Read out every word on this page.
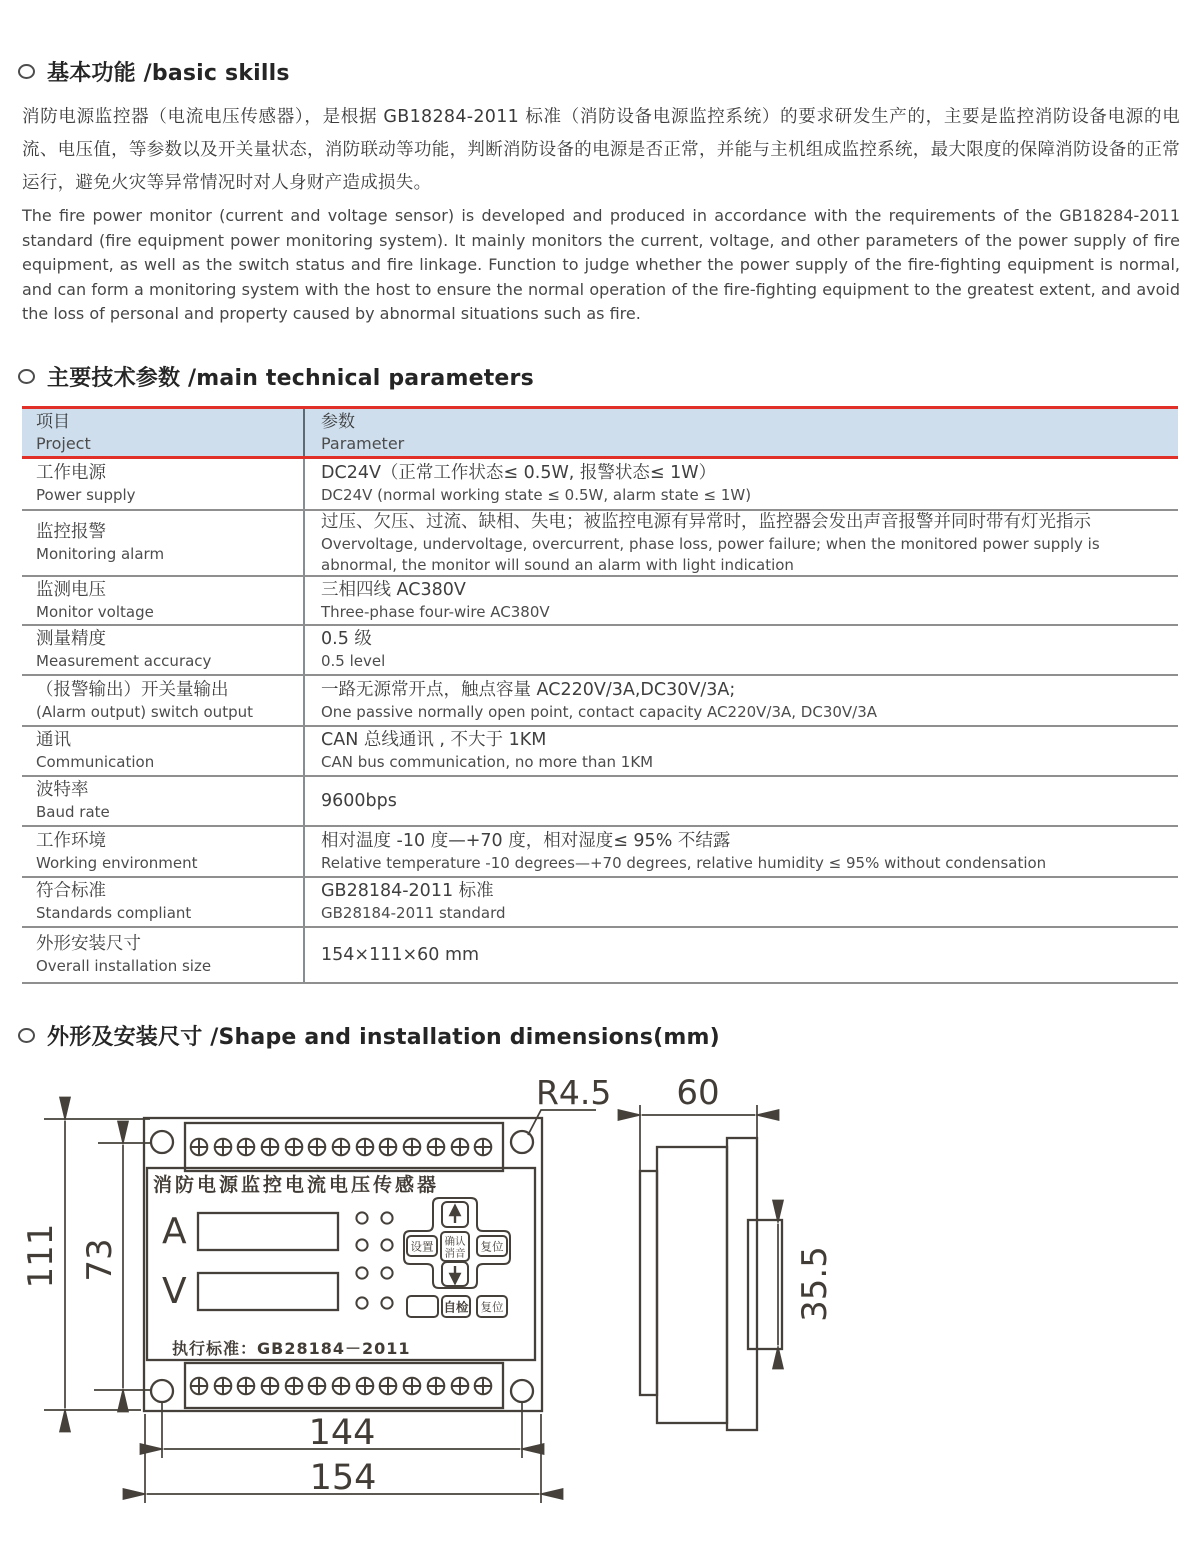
基本功能 /basic skills

消防电源监控器（电流电压传感器），是根据 GB18284-2011 标准（消防设备电源监控系统）的要求研发生产的，主要是监控消防设备电源的电流、电压值，等参数以及开关量状态，消防联动等功能，判断消防设备的电源是否正常，并能与主机组成监控系统，最大限度的保障消防设备的正常运行，避免火灾等异常情况时对人身财产造成损失。

The fire power monitor (current and voltage sensor) is developed and produced in accordance with the requirements of the GB18284-2011 standard (fire equipment power monitoring system). It mainly monitors the current, voltage, and other parameters of the power supply of fire equipment, as well as the switch status and fire linkage. Function to judge whether the power supply of the fire-fighting equipment is normal, and can form a monitoring system with the host to ensure the normal operation of the fire-fighting equipment to the greatest extent, and avoid the loss of personal and property caused by abnormal situations such as fire.

主要技术参数 /main technical parameters
项目
Project
参数
Parameter
工作电源
Power supply
DC24V（正常工作状态≤ 0.5W, 报警状态≤ 1W）
DC24V (normal working state ≤ 0.5W, alarm state ≤ 1W)
监控报警
Monitoring alarm
过压、欠压、过流、缺相、失电；被监控电源有异常时，监控器会发出声音报警并同时带有灯光指示
Overvoltage, undervoltage, overcurrent, phase loss, power failure; when the monitored power supply is abnormal, the monitor will sound an alarm with light indication
监测电压
Monitor voltage
三相四线 AC380V
Three-phase four-wire AC380V
测量精度
Measurement accuracy
0.5 级
0.5 level
（报警输出）开关量输出
(Alarm output) switch output
一路无源常开点，触点容量 AC220V/3A,DC30V/3A;
One passive normally open point, contact capacity AC220V/3A, DC30V/3A
通讯
Communication
CAN 总线通讯 , 不大于 1KM
CAN bus communication, no more than 1KM
波特率
Baud rate
9600bps
工作环境
Working environment
相对温度 -10 度—+70 度，相对湿度≤ 95% 不结露
Relative temperature -10 degrees—+70 degrees, relative humidity ≤ 95% without condensation
符合标准
Standards compliant
GB28184-2011 标准
GB28184-2011 standard
外形安装尺寸
Overall installation size
154×111×60 mm
外形及安装尺寸 /Shape and installation dimensions(mm)
消防电源监控电流电压传感器
A
V
设置 确认
消音 复位
自检 复位
执行标准：GB28184－2011
111 73
144
154
R4.5 60
35.5
